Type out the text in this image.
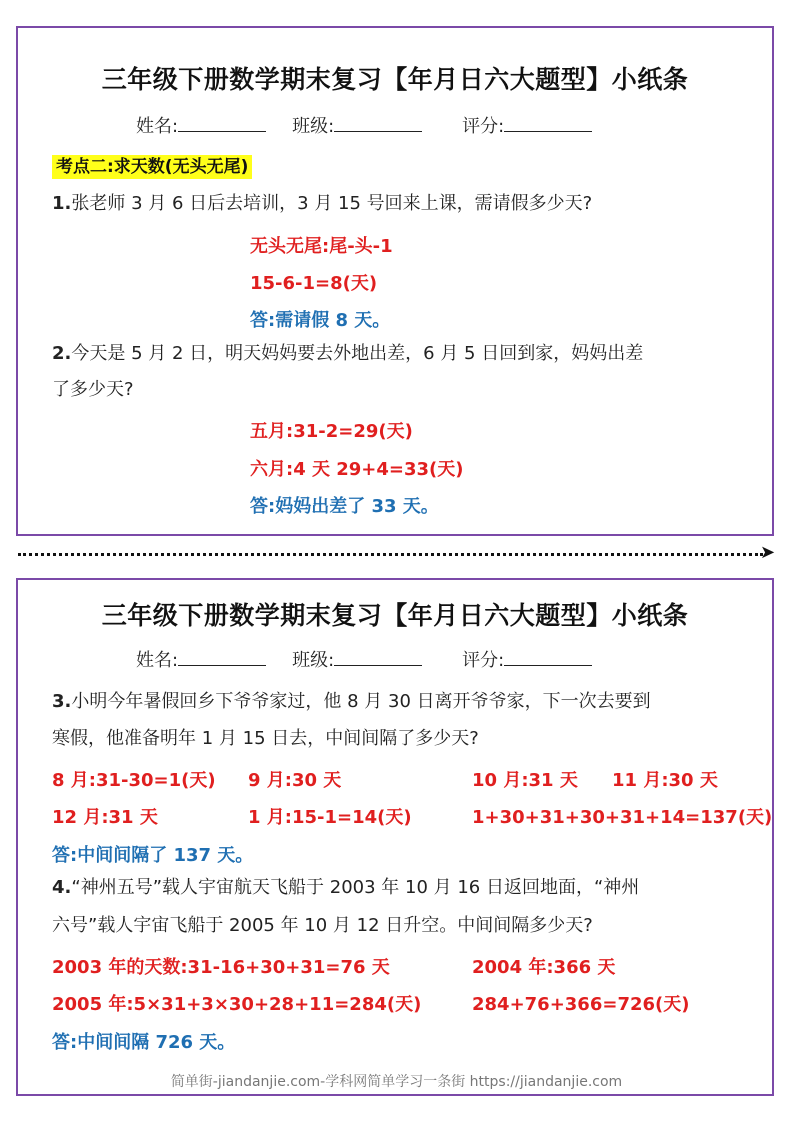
三年级下册数学期末复习【年月日六大题型】小纸条
姓名:	班级:	评分:
考点二:求天数(无头无尾)
1.张老师 3 月 6 日后去培训，3 月 15 号回来上课，需请假多少天?
无头无尾:尾-头-1
15-6-1=8(天)
答:需请假 8 天。
2.今天是 5 月 2 日，明天妈妈要去外地出差，6 月 5 日回到家，妈妈出差
了多少天?
五月:31-2=29(天)
六月:4 天 29+4=33(天)
答:妈妈出差了 33 天。
➤
三年级下册数学期末复习【年月日六大题型】小纸条
姓名:	班级:	评分:
3.小明今年暑假回乡下爷爷家过，他 8 月 30 日离开爷爷家，下一次去要到
寒假，他准备明年 1 月 15 日去，中间间隔了多少天?
8 月:31-30=1(天) 9 月:30 天	10 月:31 天 11 月:30 天
12 月:31 天	1 月:15-1=14(天)	1+30+31+30+31+14=137(天)
答:中间间隔了 137 天。
4.“神州五号”载人宇宙航天飞船于 2003 年 10 月 16 日返回地面，“神州
六号”载人宇宙飞船于 2005 年 10 月 12 日升空。中间间隔多少天?
2003 年的天数:31-16+30+31=76 天	2004 年:366 天
2005 年:5×31+3×30+28+11=284(天)	284+76+366=726(天)
答:中间间隔 726 天。
简单街-jiandanjie.com-学科网简单学习一条街 https://jiandanjie.com
